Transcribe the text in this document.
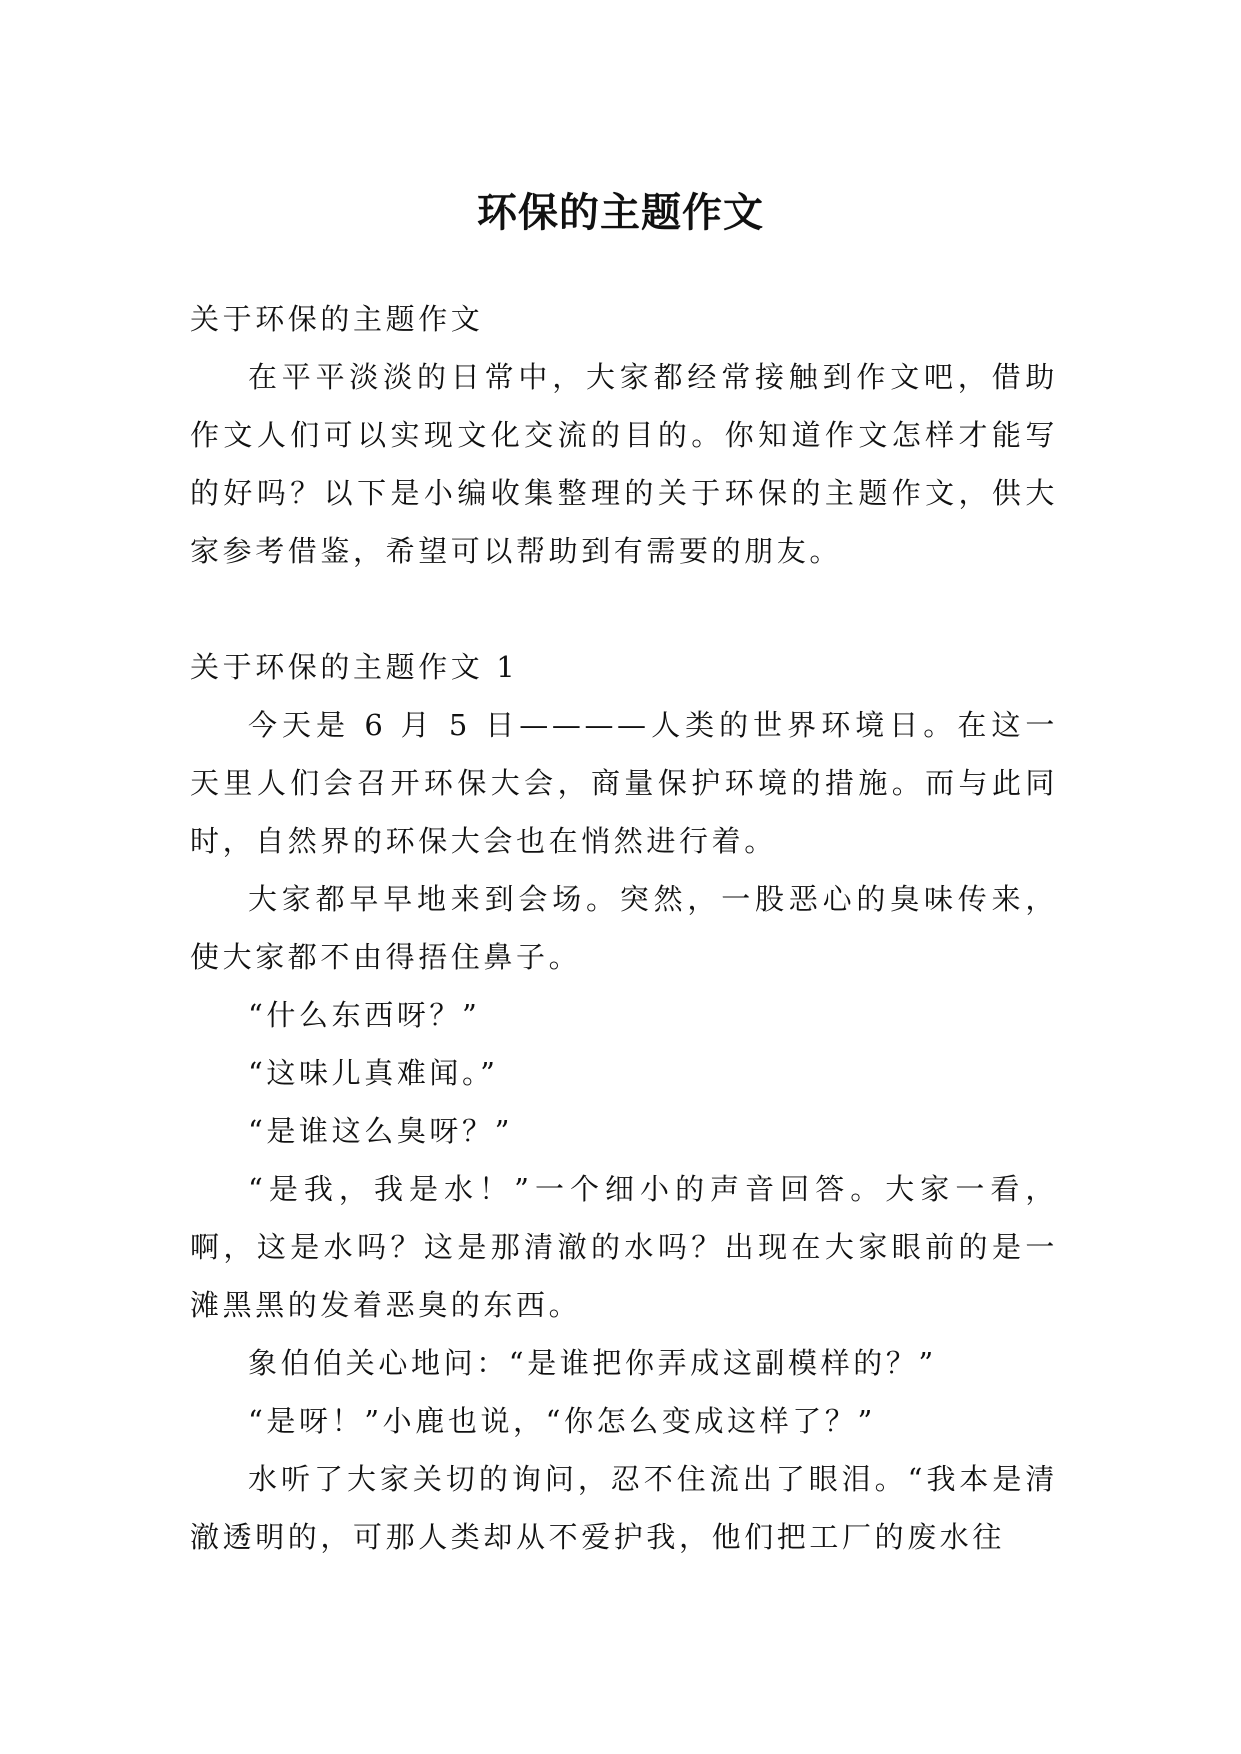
环保的主题作文

关于环保的主题作文

在平平淡淡的日常中，大家都经常接触到作文吧，借助作文人们可以实现文化交流的目的。你知道作文怎样才能写的好吗？以下是小编收集整理的关于环保的主题作文，供大家参考借鉴，希望可以帮助到有需要的朋友。

关于环保的主题作文 1

今天是 6 月 5 日————人类的世界环境日。在这一天里人们会召开环保大会，商量保护环境的措施。而与此同时，自然界的环保大会也在悄然进行着。

大家都早早地来到会场。突然，一股恶心的臭味传来，使大家都不由得捂住鼻子。

“什么东西呀？”

“这味儿真难闻。”

“是谁这么臭呀？”

“是我，我是水！”一个细小的声音回答。大家一看，啊，这是水吗？这是那清澈的水吗？出现在大家眼前的是一滩黑黑的发着恶臭的东西。

象伯伯关心地问：“是谁把你弄成这副模样的？”

“是呀！”小鹿也说，“你怎么变成这样了？”

水听了大家关切的询问，忍不住流出了眼泪。“我本是清澈透明的，可那人类却从不爱护我，他们把工厂的废水往
